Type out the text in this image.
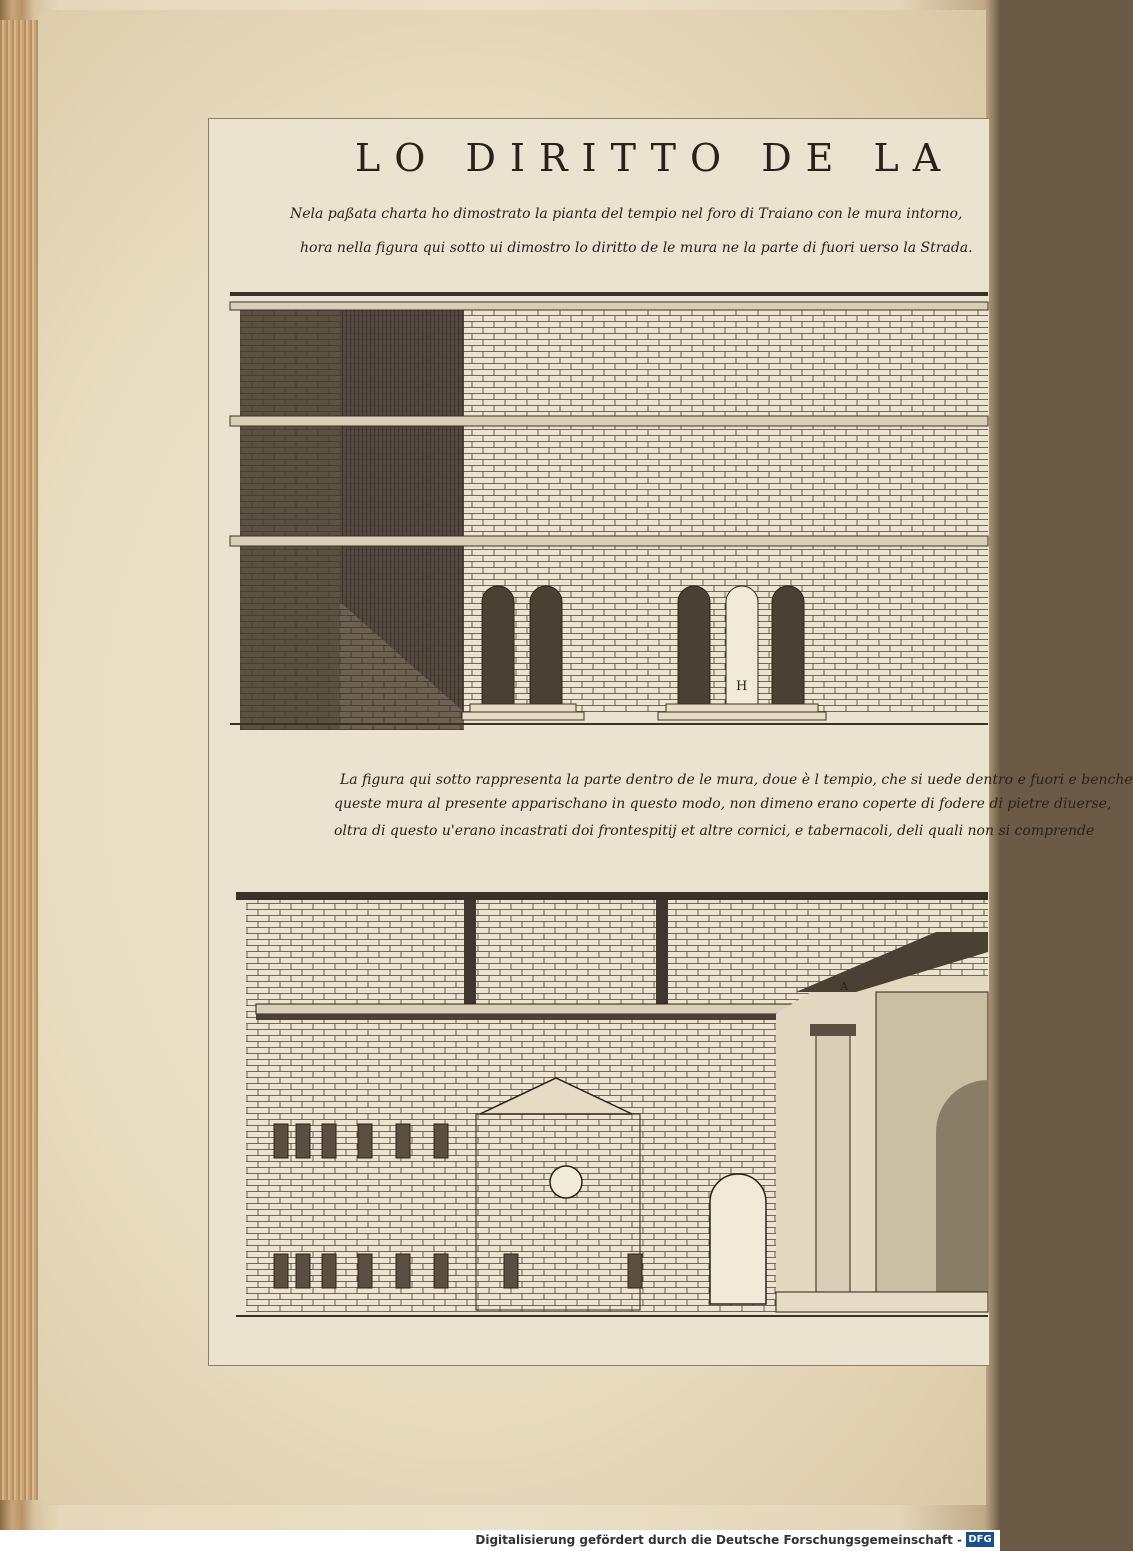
LO DIRITTO DE LA
Nela paßata charta ho dimostrato la pianta del tempio nel foro di Traiano con le mura intorno,
hora nella figura qui sotto ui dimostro lo diritto de le mura ne la parte di fuori uerso la Strada.
H
La figura qui sotto rappresenta la parte dentro de le mura, doue è l tempio, che si uede dentro e fuori e benche
queste mura al presente apparischano in questo modo, non dimeno erano coperte di fodere di pietre diuerse,
oltra di questo u'erano incastrati doi frontespitij et altre cornici, e tabernacoli, deli quali non si comprende
A
Digitalisierung gefördert durch die Deutsche Forschungsgemeinschaft - DFG
